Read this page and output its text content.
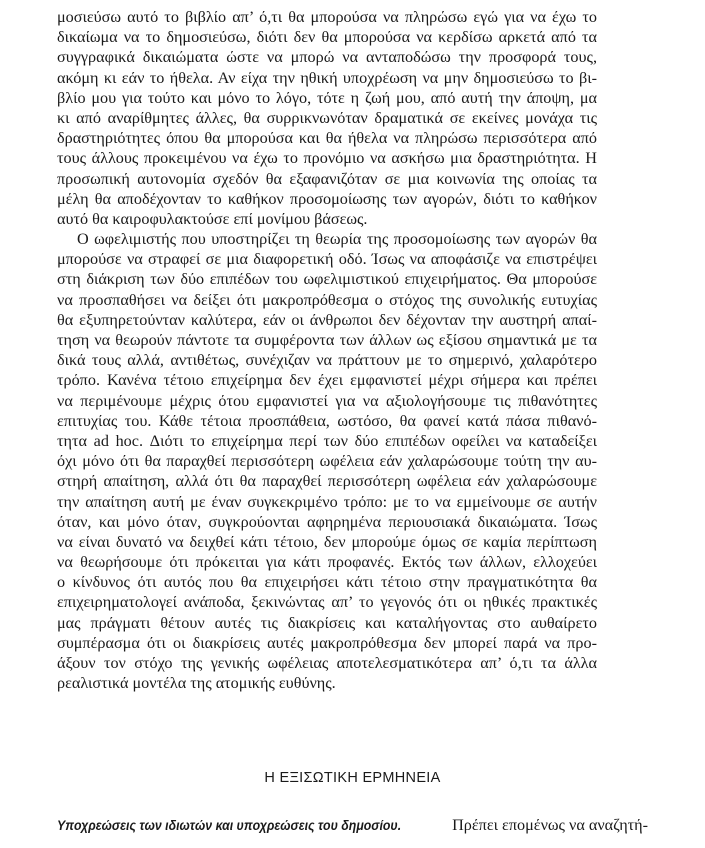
μοσιεύσω αυτό το βιβλίο απ’ ό,τι θα μπορούσα να πληρώσω εγώ για να έχω το
δικαίωμα να το δημοσιεύσω, διότι δεν θα μπορούσα να κερδίσω αρκετά από τα
συγγραφικά δικαιώματα ώστε να μπορώ να ανταποδώσω την προσφορά τους,
ακόμη κι εάν το ήθελα. Αν είχα την ηθική υποχρέωση να μην δημοσιεύσω το βι-
βλίο μου για τούτο και μόνο το λόγο, τότε η ζωή μου, από αυτή την άποψη, μα
κι από αναρίθμητες άλλες, θα συρρικνωνόταν δραματικά σε εκείνες μονάχα τις
δραστηριότητες όπου θα μπορούσα και θα ήθελα να πληρώσω περισσότερα από
τους άλλους προκειμένου να έχω το προνόμιο να ασκήσω μια δραστηριότητα. Η
προσωπική αυτονομία σχεδόν θα εξαφανιζόταν σε μια κοινωνία της οποίας τα
μέλη θα αποδέχονταν το καθήκον προσομοίωσης των αγορών, διότι το καθήκον
αυτό θα καιροφυλακτούσε επί μονίμου βάσεως.
Ο ωφελιμιστής που υποστηρίζει τη θεωρία της προσομοίωσης των αγορών θα
μπορούσε να στραφεί σε μια διαφορετική οδό. Ίσως να αποφάσιζε να επιστρέψει
στη διάκριση των δύο επιπέδων του ωφελιμιστικού επιχειρήματος. Θα μπορούσε
να προσπαθήσει να δείξει ότι μακροπρόθεσμα ο στόχος της συνολικής ευτυχίας
θα εξυπηρετούνταν καλύτερα, εάν οι άνθρωποι δεν δέχονταν την αυστηρή απαί-
τηση να θεωρούν πάντοτε τα συμφέροντα των άλλων ως εξίσου σημαντικά με τα
δικά τους αλλά, αντιθέτως, συνέχιζαν να πράττουν με το σημερινό, χαλαρότερο
τρόπο. Κανένα τέτοιο επιχείρημα δεν έχει εμφανιστεί μέχρι σήμερα και πρέπει
να περιμένουμε μέχρις ότου εμφανιστεί για να αξιολογήσουμε τις πιθανότητες
επιτυχίας του. Κάθε τέτοια προσπάθεια, ωστόσο, θα φανεί κατά πάσα πιθανό-
τητα ad hoc. Διότι το επιχείρημα περί των δύο επιπέδων οφείλει να καταδείξει
όχι μόνο ότι θα παραχθεί περισσότερη ωφέλεια εάν χαλαρώσουμε τούτη την αυ-
στηρή απαίτηση, αλλά ότι θα παραχθεί περισσότερη ωφέλεια εάν χαλαρώσουμε
την απαίτηση αυτή με έναν συγκεκριμένο τρόπο: με το να εμμείνουμε σε αυτήν
όταν, και μόνο όταν, συγκρούονται αφηρημένα περιουσιακά δικαιώματα. Ίσως
να είναι δυνατό να δειχθεί κάτι τέτοιο, δεν μπορούμε όμως σε καμία περίπτωση
να θεωρήσουμε ότι πρόκειται για κάτι προφανές. Εκτός των άλλων, ελλοχεύει
ο κίνδυνος ότι αυτός που θα επιχειρήσει κάτι τέτοιο στην πραγματικότητα θα
επιχειρηματολογεί ανάποδα, ξεκινώντας απ’ το γεγονός ότι οι ηθικές πρακτικές
μας πράγματι θέτουν αυτές τις διακρίσεις και καταλήγοντας στο αυθαίρετο
συμπέρασμα ότι οι διακρίσεις αυτές μακροπρόθεσμα δεν μπορεί παρά να προ-
άξουν τον στόχο της γενικής ωφέλειας αποτελεσματικότερα απ’ ό,τι τα άλλα
ρεαλιστικά μοντέλα της ατομικής ευθύνης.
Η ΕΞΙΣΩΤΙΚΗ ΕΡΜΗΝΕΙΑ
Υποχρεώσεις των ιδιωτών και υποχρεώσεις του δημοσίου.	Πρέπει επομένως να αναζητή-
